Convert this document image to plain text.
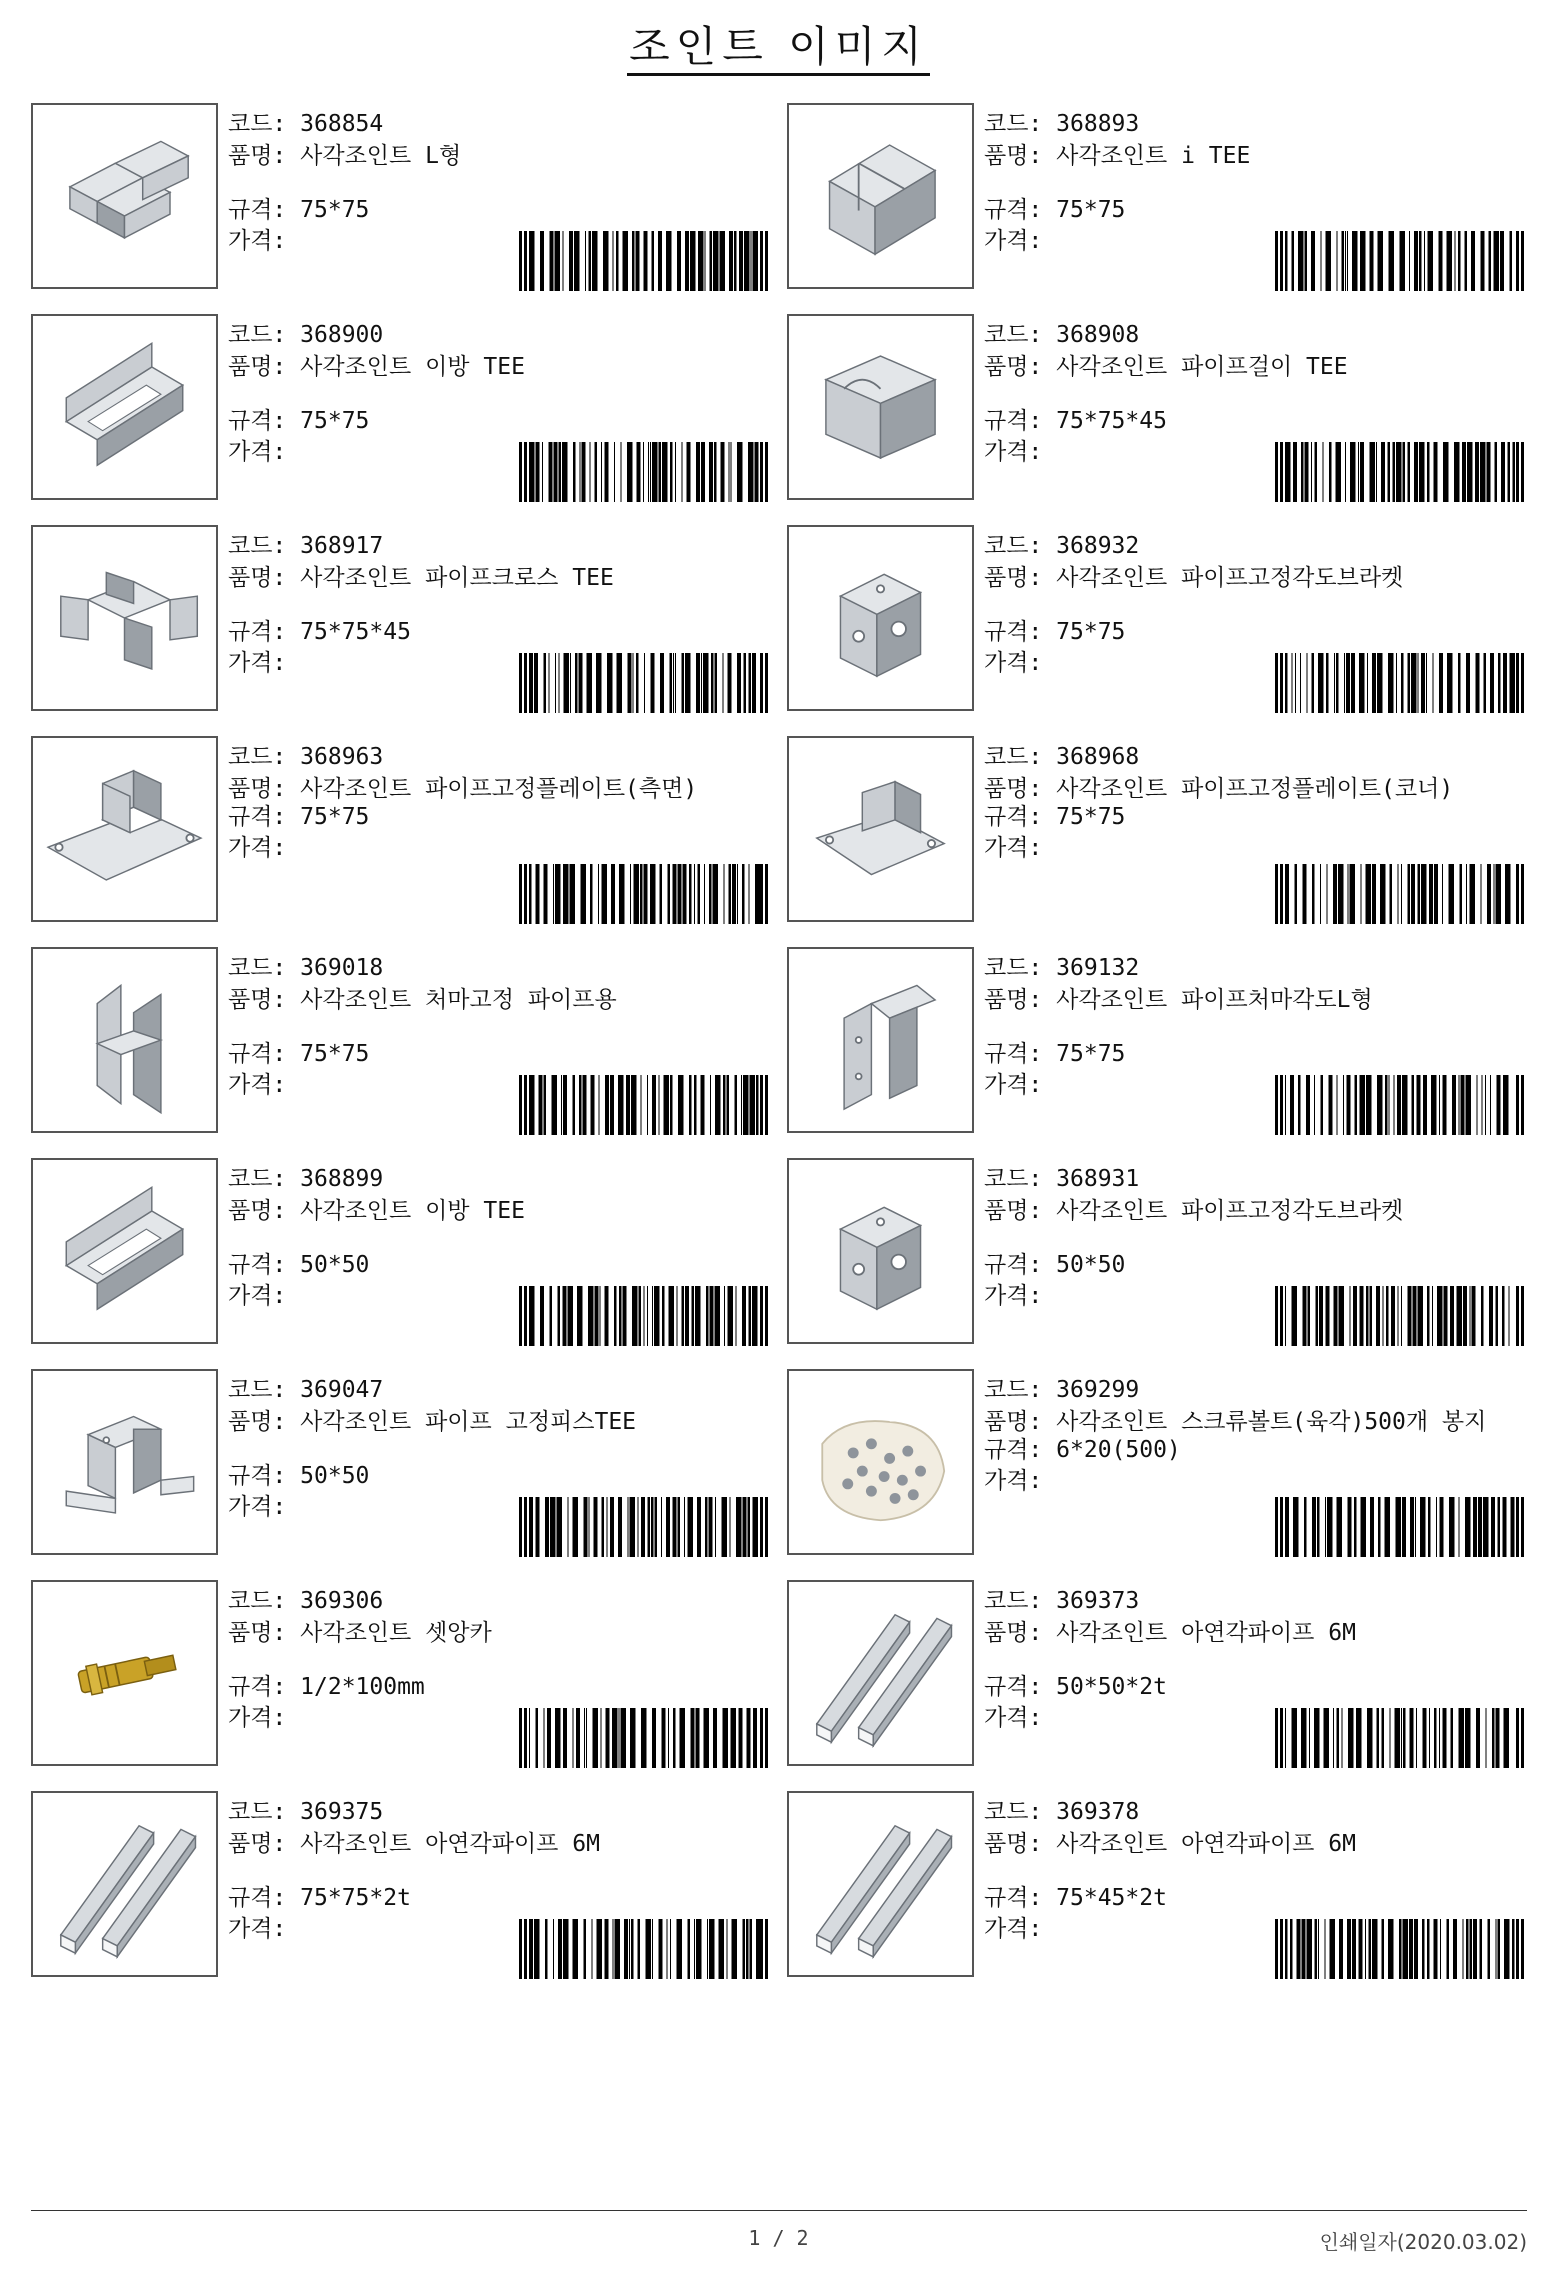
조인트 이미지
코드: 368854
품명: 사각조인트 L형
규격: 75*75
가격:
코드: 368893
품명: 사각조인트 i TEE
규격: 75*75
가격:
코드: 368900
품명: 사각조인트 이방 TEE
규격: 75*75
가격:
코드: 368908
품명: 사각조인트 파이프걸이 TEE
규격: 75*75*45
가격:
코드: 368917
품명: 사각조인트 파이프크로스 TEE
규격: 75*75*45
가격:
코드: 368932
품명: 사각조인트 파이프고정각도브라켓
규격: 75*75
가격:
코드: 368963
품명: 사각조인트 파이프고정플레이트(측면)
규격: 75*75
가격:
코드: 368968
품명: 사각조인트 파이프고정플레이트(코너)
규격: 75*75
가격:
코드: 369018
품명: 사각조인트 처마고정 파이프용
규격: 75*75
가격:
코드: 369132
품명: 사각조인트 파이프처마각도L형
규격: 75*75
가격:
코드: 368899
품명: 사각조인트 이방 TEE
규격: 50*50
가격:
코드: 368931
품명: 사각조인트 파이프고정각도브라켓
규격: 50*50
가격:
코드: 369047
품명: 사각조인트 파이프 고정피스TEE
규격: 50*50
가격:
코드: 369299
품명: 사각조인트 스크류볼트(육각)500개 봉지
규격: 6*20(500)
가격:
코드: 369306
품명: 사각조인트 셋앙카
규격: 1/2*100mm
가격:
코드: 369373
품명: 사각조인트 아연각파이프 6M
규격: 50*50*2t
가격:
코드: 369375
품명: 사각조인트 아연각파이프 6M
규격: 75*75*2t
가격:
코드: 369378
품명: 사각조인트 아연각파이프 6M
규격: 75*45*2t
가격:
1 / 2	인쇄일자(2020.03.02)
